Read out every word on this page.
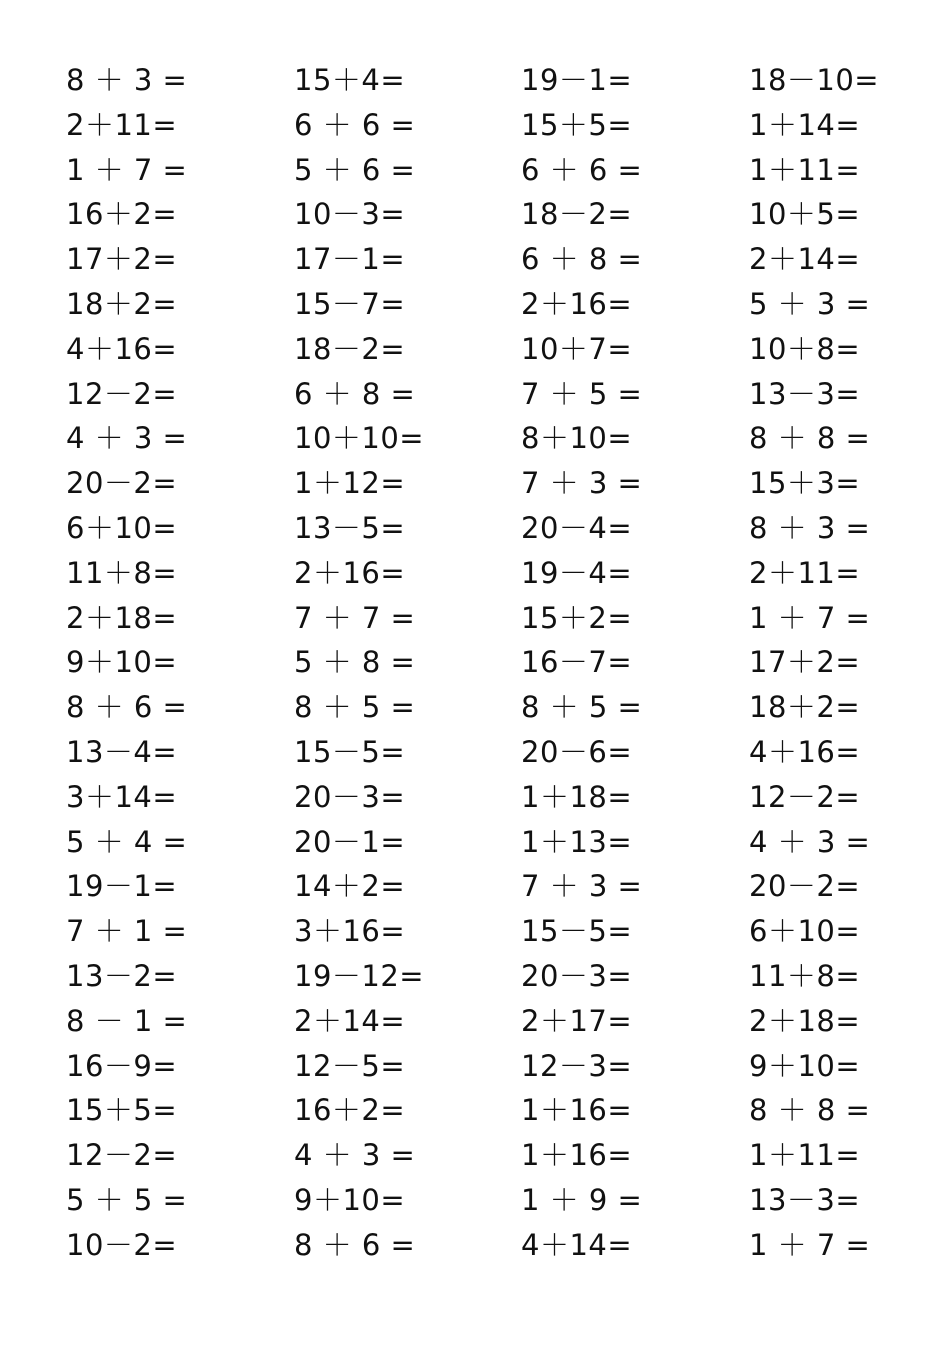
8 ＋ 3 =	15＋4=	19－1=	18－10=
2＋11=	6 ＋ 6 =	15＋5=	1＋14=
1 ＋ 7 =	5 ＋ 6 =	6 ＋ 6 =	1＋11=
16＋2=	10－3=	18－2=	10＋5=
17＋2=	17－1=	6 ＋ 8 =	2＋14=
18＋2=	15－7=	2＋16=	5 ＋ 3 =
4＋16=	18－2=	10＋7=	10＋8=
12－2=	6 ＋ 8 =	7 ＋ 5 =	13－3=
4 ＋ 3 =	10＋10=	8＋10=	8 ＋ 8 =
20－2=	1＋12=	7 ＋ 3 =	15＋3=
6＋10=	13－5=	20－4=	8 ＋ 3 =
11＋8=	2＋16=	19－4=	2＋11=
2＋18=	7 ＋ 7 =	15＋2=	1 ＋ 7 =
9＋10=	5 ＋ 8 =	16－7=	17＋2=
8 ＋ 6 =	8 ＋ 5 =	8 ＋ 5 =	18＋2=
13－4=	15－5=	20－6=	4＋16=
3＋14=	20－3=	1＋18=	12－2=
5 ＋ 4 =	20－1=	1＋13=	4 ＋ 3 =
19－1=	14＋2=	7 ＋ 3 =	20－2=
7 ＋ 1 =	3＋16=	15－5=	6＋10=
13－2=	19－12=	20－3=	11＋8=
8 － 1 =	2＋14=	2＋17=	2＋18=
16－9=	12－5=	12－3=	9＋10=
15＋5=	16＋2=	1＋16=	8 ＋ 8 =
12－2=	4 ＋ 3 =	1＋16=	1＋11=
5 ＋ 5 =	9＋10=	1 ＋ 9 =	13－3=
10－2=	8 ＋ 6 =	4＋14=	1 ＋ 7 =
